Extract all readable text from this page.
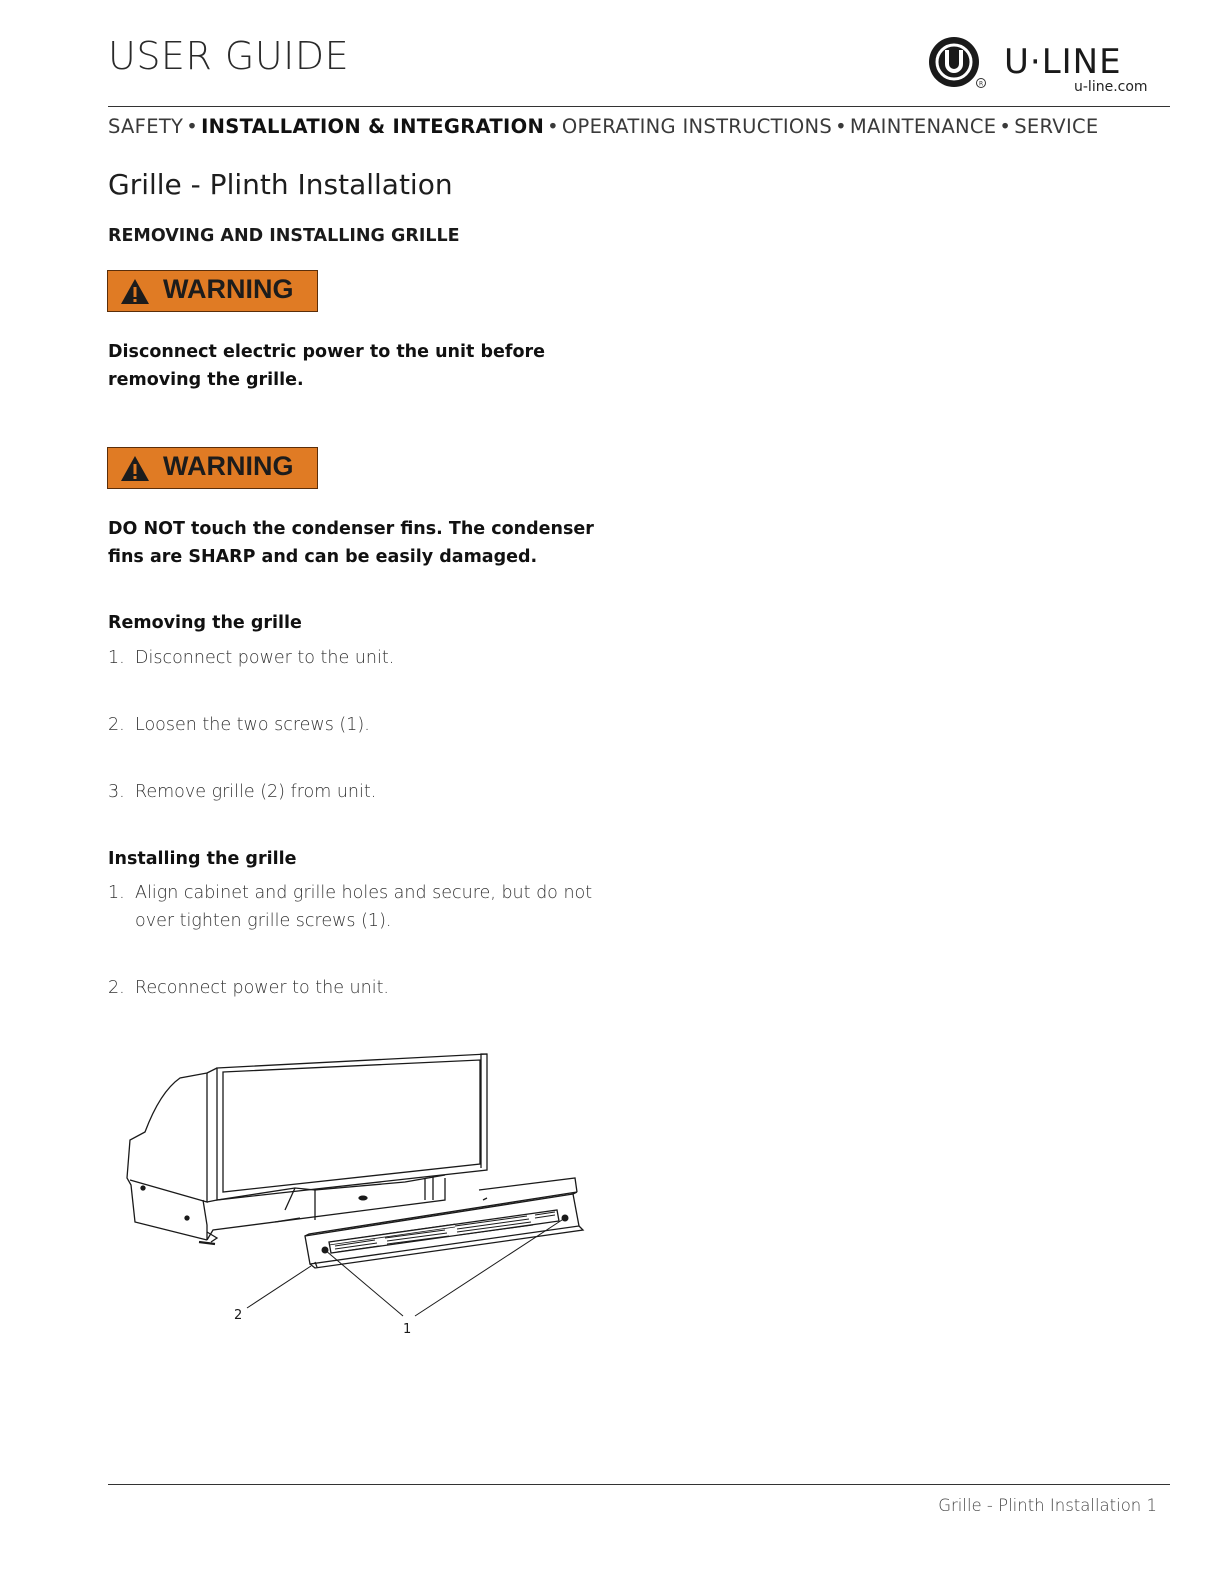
USER GUIDE
R
U·LINE
u-line.com
SAFETY • INSTALLATION & INTEGRATION • OPERATING INSTRUCTIONS • MAINTENANCE • SERVICE
Grille - Plinth Installation
REMOVING AND INSTALLING GRILLE
WARNING
Disconnect electric power to the unit before removing the grille.
WARNING
DO NOT touch the condenser fins. The condenser fins are SHARP and can be easily damaged.
Removing the grille
1. Disconnect power to the unit.
2. Loosen the two screws (1).
3. Remove grille (2) from unit.
Installing the grille
1. Align cabinet and grille holes and secure, but do not over tighten grille screws (1).
2. Reconnect power to the unit.
2
1
Grille - Plinth Installation 1
